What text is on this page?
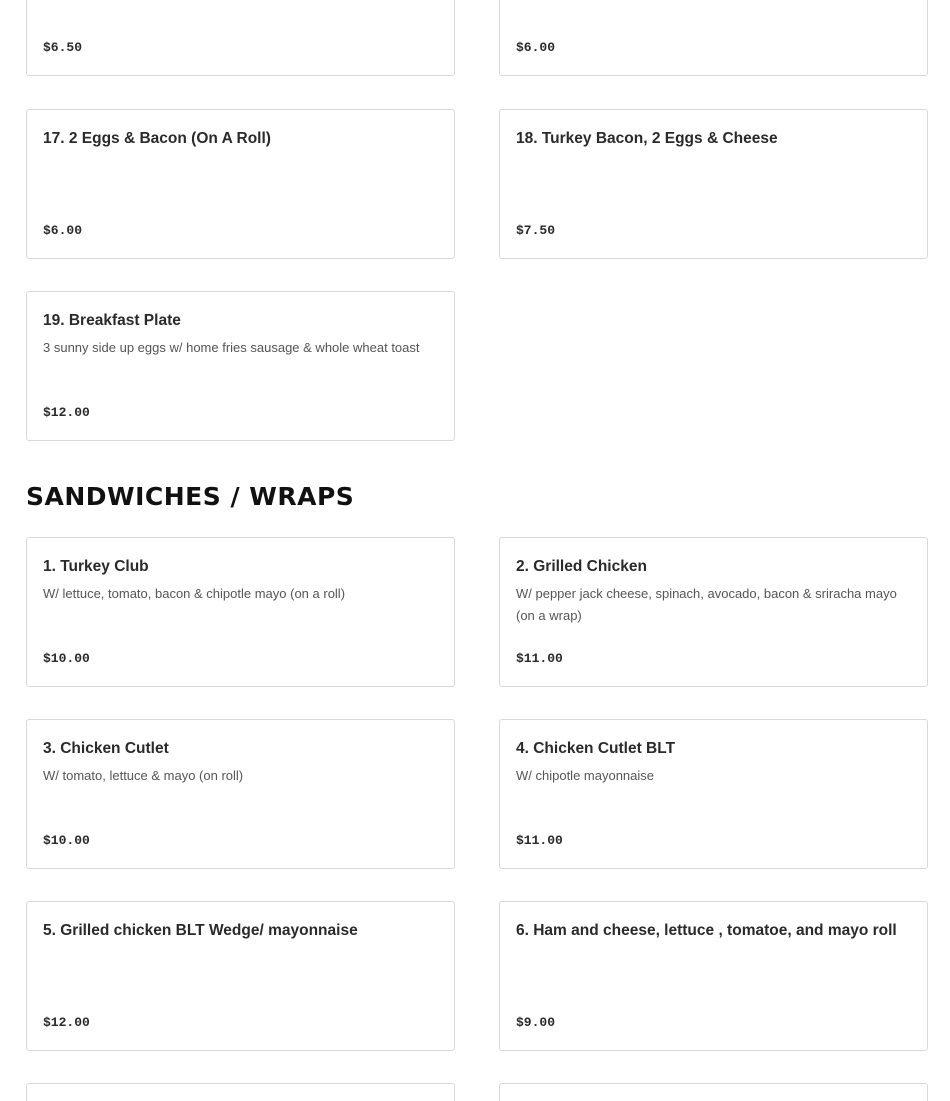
$6.50	$6.00
17. 2 Eggs & Bacon (On A Roll)
$6.00
18. Turkey Bacon, 2 Eggs & Cheese
$7.50
19. Breakfast Plate
3 sunny side up eggs w/ home fries sausage & whole wheat toast
$12.00
SANDWICHES / WRAPS
1. Turkey Club
W/ lettuce, tomato, bacon & chipotle mayo (on a roll)
$10.00
2. Grilled Chicken
W/ pepper jack cheese, spinach, avocado, bacon & sriracha mayo (on a wrap)
$11.00
3. Chicken Cutlet
W/ tomato, lettuce & mayo (on roll)
$10.00
4. Chicken Cutlet BLT
W/ chipotle mayonnaise
$11.00
5. Grilled chicken BLT Wedge/ mayonnaise
$12.00
6. Ham and cheese, lettuce , tomatoe, and mayo roll
$9.00
